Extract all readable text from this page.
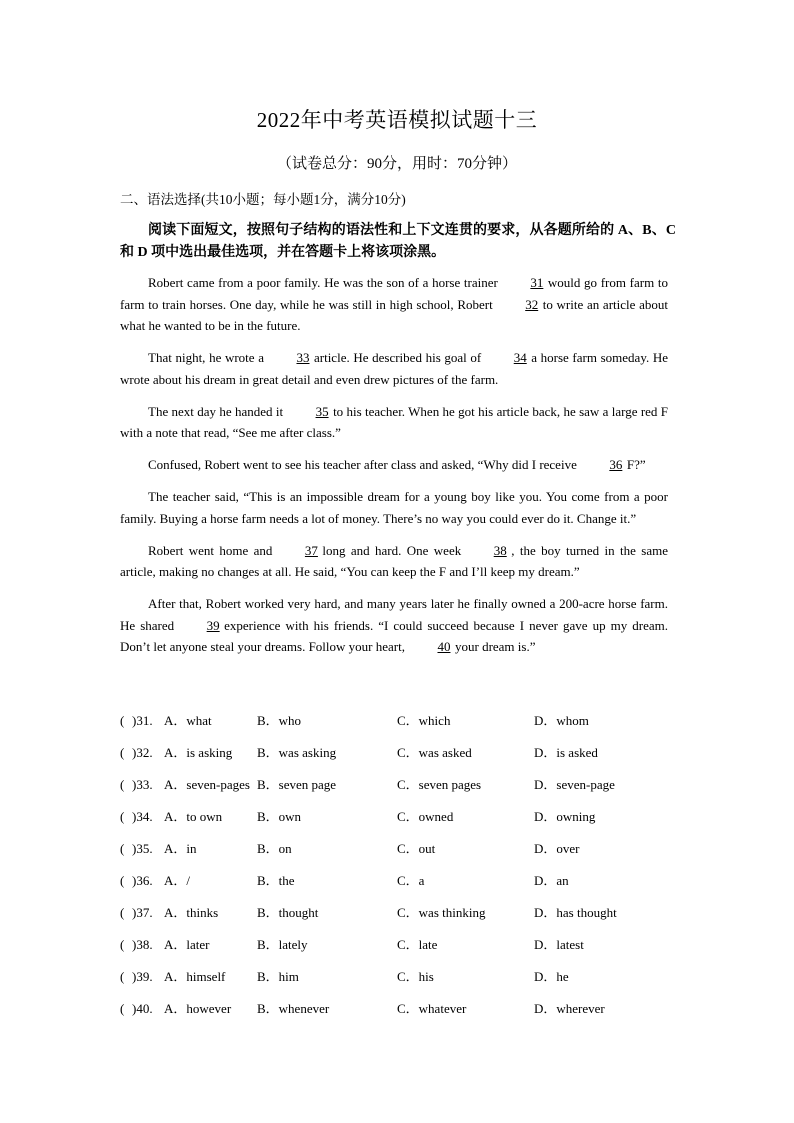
2022年中考英语模拟试题十三
（试卷总分：90分，用时：70分钟）
二、语法选择(共10小题；每小题1分，满分10分)
阅读下面短文，按照句子结构的语法性和上下文连贯的要求，从各题所给的 A、B、C 和 D 项中选出最佳选项，并在答题卡上将该项涂黑。

Robert came from a poor family. He was the son of a horse trainer	31 would go from farm to farm to train horses. One day, while he was still in high school, Robert	32 to write an article about what he wanted to be in the future.

That night, he wrote a	33 article. He described his goal of	34 a horse farm someday. He wrote about his dream in great detail and even drew pictures of the farm.

The next day he handed it	35 to his teacher. When he got his article back, he saw a large red F with a note that read, “See me after class.”

Confused, Robert went to see his teacher after class and asked, “Why did I receive	36 F?”

The teacher said, “This is an impossible dream for a young boy like you. You come from a poor family. Buying a horse farm needs a lot of money. There’s no way you could ever do it. Change it.”

Robert went home and	37 long and hard. One week	38 , the boy turned in the same article, making no changes at all. He said, “You can keep the F and I’ll keep my dream.”

After that, Robert worked very hard, and many years later he finally owned a 200-acre horse farm. He shared	39 experience with his friends. “I could succeed because I never gave up my dream. Don’t let anyone steal your dreams. Follow your heart,	40 your dream is.”

( )31. A．what	B．who	C．which	D．whom
( )32. A．is asking B．was asking	C．was asked	D．is asked
( )33. A．seven-pages B．seven page	C．seven pages	D．seven-page
( )34. A．to own	B．own	C．owned	D．owning
( )35. A．in	B．on	C．out	D．over
( )36. A．/	B．the	C．a	D．an
( )37. A．thinks	B．thought	C．was thinking	D．has thought
( )38. A．later	B．lately	C．late	D．latest
( )39. A．himself B．him	C．his	D．he
( )40. A．however B．whenever	C．whatever	D．wherever
